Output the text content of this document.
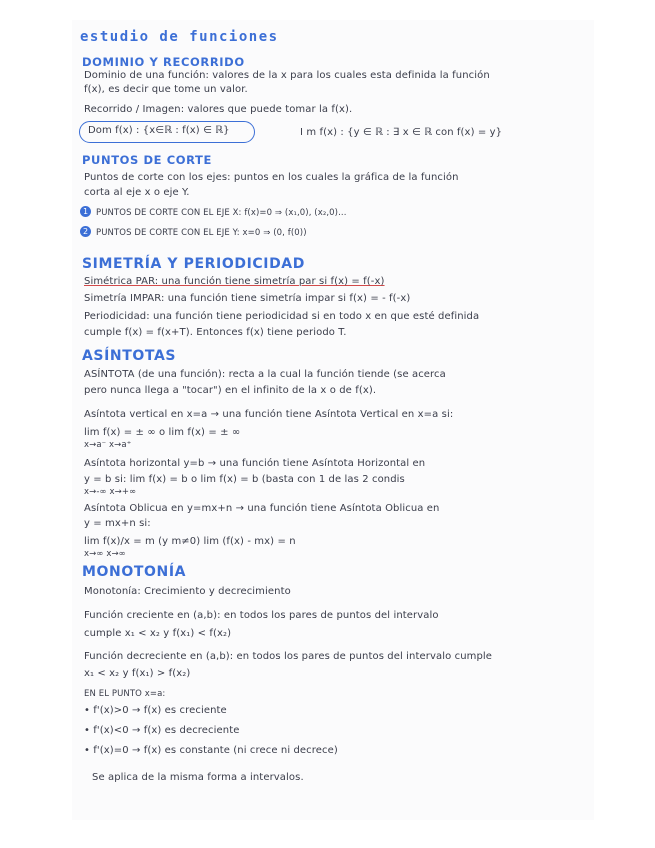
estudio de funciones
DOMINIO Y RECORRIDO
Dominio de una función: valores de la x para los cuales esta definida la función
f(x), es decir que tome un valor.
Recorrido / Imagen: valores que puede tomar la f(x).
Dom f(x) : {x∈ℝ : f(x) ∈ ℝ}	I m f(x) : {y ∈ ℝ : ∃ x ∈ ℝ con f(x) = y}
PUNTOS DE CORTE
Puntos de corte con los ejes: puntos en los cuales la gráfica de la función
corta al eje x o eje Y.
1 PUNTOS DE CORTE CON EL EJE X: f(x)=0 ⇒ (x₁,0), (x₂,0)...
2 PUNTOS DE CORTE CON EL EJE Y: x=0 ⇒ (0, f(0))
SIMETRÍA Y PERIODICIDAD
Simétrica PAR: una función tiene simetría par si f(x) = f(-x)
Simetría IMPAR: una función tiene simetría impar si f(x) = - f(-x)
Periodicidad: una función tiene periodicidad si en todo x en que esté definida
cumple f(x) = f(x+T). Entonces f(x) tiene periodo T.
ASÍNTOTAS
ASÍNTOTA (de una función): recta a la cual la función tiende (se acerca
pero nunca llega a "tocar") en el infinito de la x o de f(x).
Asíntota vertical en x=a → una función tiene Asíntota Vertical en x=a si:
lim f(x) = ± ∞ o lim f(x) = ± ∞
x→a⁻ x→a⁺
Asíntota horizontal y=b → una función tiene Asíntota Horizontal en
y = b si: lim f(x) = b o lim f(x) = b (basta con 1 de las 2 condis
x→-∞ x→+∞
Asíntota Oblicua en y=mx+n → una función tiene Asíntota Oblicua en
y = mx+n si:
lim f(x)/x = m (y m≠0) lim (f(x) - mx) = n
x→∞ x→∞
MONOTONÍA
Monotonía: Crecimiento y decrecimiento
Función creciente en (a,b): en todos los pares de puntos del intervalo
cumple x₁ < x₂ y f(x₁) < f(x₂)
Función decreciente en (a,b): en todos los pares de puntos del intervalo cumple
x₁ < x₂ y f(x₁) > f(x₂)
EN EL PUNTO x=a:
• f'(x)>0 → f(x) es creciente
• f'(x)<0 → f(x) es decreciente
• f'(x)=0 → f(x) es constante (ni crece ni decrece)
Se aplica de la misma forma a intervalos.
